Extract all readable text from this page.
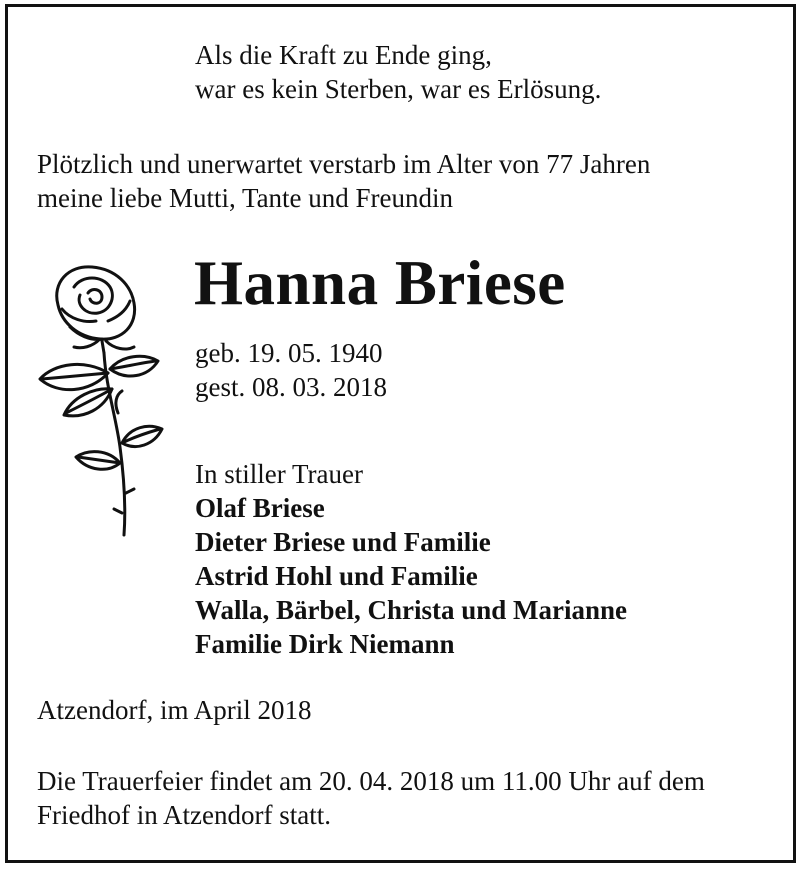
Als die Kraft zu Ende ging,
war es kein Sterben, war es Erlösung.
Plötzlich und unerwartet verstarb im Alter von 77 Jahren
meine liebe Mutti, Tante und Freundin
Hanna Briese
geb. 19. 05. 1940
gest. 08. 03. 2018
In stiller Trauer
Olaf Briese
Dieter Briese und Familie
Astrid Hohl und Familie
Walla, Bärbel, Christa und Marianne
Familie Dirk Niemann
Atzendorf, im April 2018
Die Trauerfeier findet am 20. 04. 2018 um 11.00 Uhr auf dem
Friedhof in Atzendorf statt.
